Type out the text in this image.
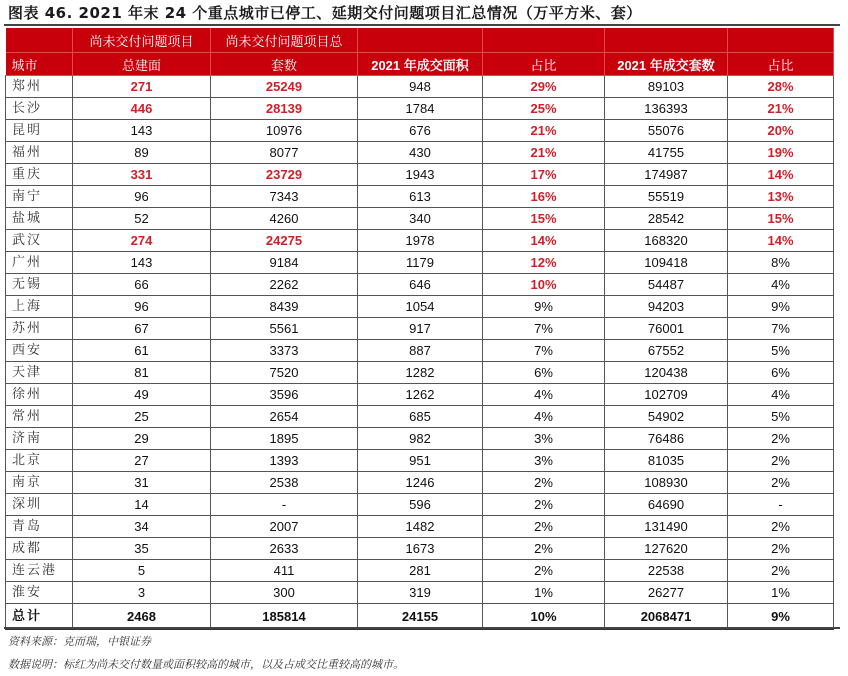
图表 46. 2021 年末 24 个重点城市已停工、延期交付问题项目汇总情况（万平方米、套）
	尚未交付问题项目	尚未交付问题项目总				
城市	总建面	套数	2021 年成交面积	占比	2021 年成交套数	占比
郑州	271	25249	948	29%	89103	28%
长沙	446	28139	1784	25%	136393	21%
昆明	143	10976	676	21%	55076	20%
福州	89	8077	430	21%	41755	19%
重庆	331	23729	1943	17%	174987	14%
南宁	96	7343	613	16%	55519	13%
盐城	52	4260	340	15%	28542	15%
武汉	274	24275	1978	14%	168320	14%
广州	143	9184	1179	12%	109418	8%
无锡	66	2262	646	10%	54487	4%
上海	96	8439	1054	9%	94203	9%
苏州	67	5561	917	7%	76001	7%
西安	61	3373	887	7%	67552	5%
天津	81	7520	1282	6%	120438	6%
徐州	49	3596	1262	4%	102709	4%
常州	25	2654	685	4%	54902	5%
济南	29	1895	982	3%	76486	2%
北京	27	1393	951	3%	81035	2%
南京	31	2538	1246	2%	108930	2%
深圳	14	-	596	2%	64690	-
青岛	34	2007	1482	2%	131490	2%
成都	35	2633	1673	2%	127620	2%
连云港	5	411	281	2%	22538	2%
淮安	3	300	319	1%	26277	1%
总计	2468	185814	24155	10%	2068471	9%
资料来源：克而瑞，中银证券
数据说明：标红为尚未交付数量或面积较高的城市，以及占成交比重较高的城市。
